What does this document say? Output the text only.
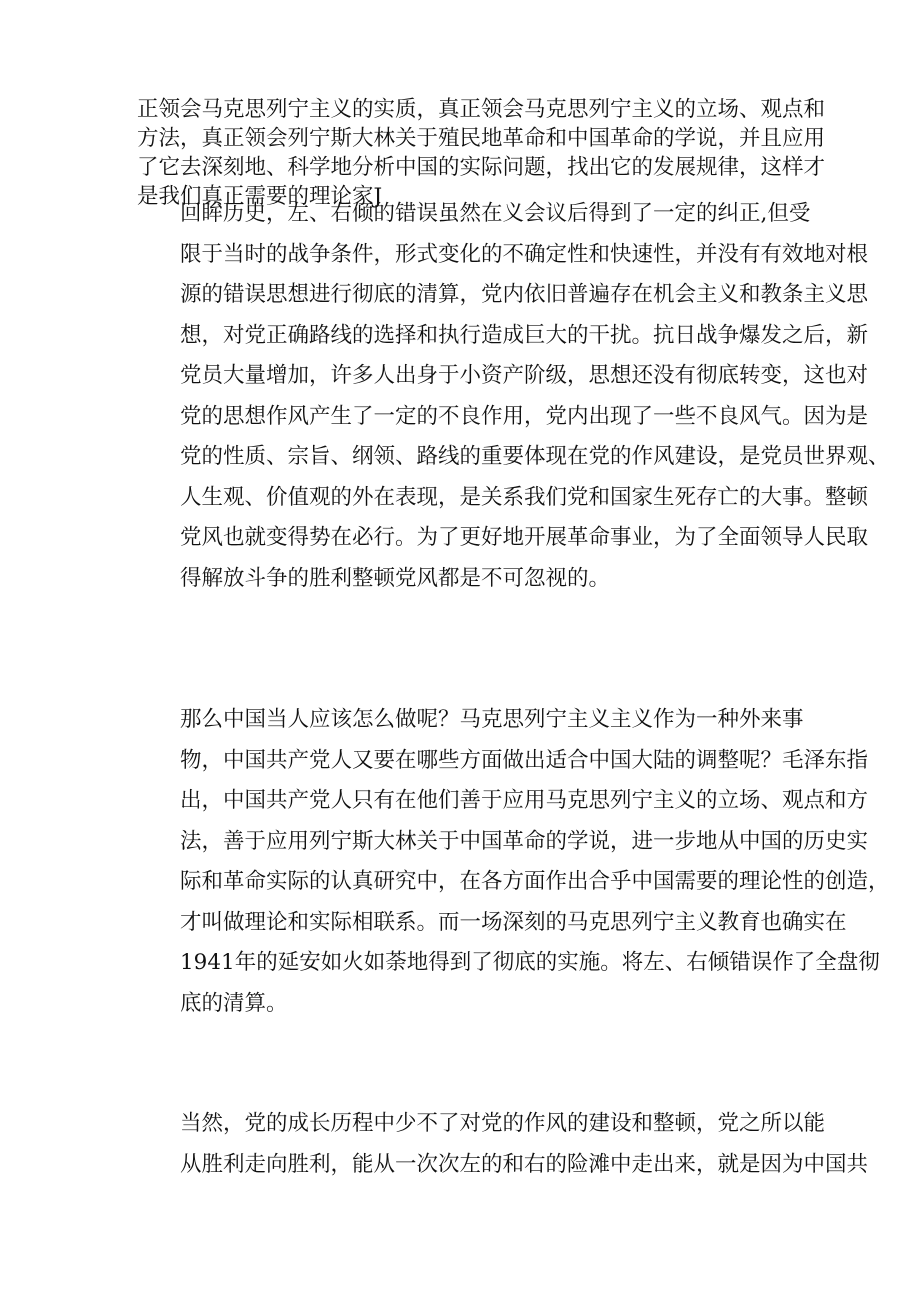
正领会马克思列宁主义的实质，真正领会马克思列宁主义的立场、观点和
方法，真正领会列宁斯大林关于殖民地革命和中国革命的学说，并且应用
了它去深刻地、科学地分析中国的实际问题，找出它的发展规律，这样才
是我们真正需要的理论家J
回眸历史，左、右倾的错误虽然在义会议后得到了一定的纠正,但受
限于当时的战争条件，形式变化的不确定性和快速性，并没有有效地对根
源的错误思想进行彻底的清算，党内依旧普遍存在机会主义和教条主义思
想，对党正确路线的选择和执行造成巨大的干扰。抗日战争爆发之后，新
党员大量增加，许多人出身于小资产阶级，思想还没有彻底转变，这也对
党的思想作风产生了一定的不良作用，党内出现了一些不良风气。因为是
党的性质、宗旨、纲领、路线的重要体现在党的作风建设，是党员世界观、
人生观、价值观的外在表现，是关系我们党和国家生死存亡的大事。整顿
党风也就变得势在必行。为了更好地开展革命事业，为了全面领导人民取
得解放斗争的胜利整顿党风都是不可忽视的。
那么中国当人应该怎么做呢？马克思列宁主义主义作为一种外来事
物，中国共产党人又要在哪些方面做出适合中国大陆的调整呢？毛泽东指
出，中国共产党人只有在他们善于应用马克思列宁主义的立场、观点和方
法，善于应用列宁斯大林关于中国革命的学说，进一步地从中国的历史实
际和革命实际的认真研究中，在各方面作出合乎中国需要的理论性的创造，
才叫做理论和实际相联系。而一场深刻的马克思列宁主义教育也确实在
1941年的延安如火如荼地得到了彻底的实施。将左、右倾错误作了全盘彻
底的清算。
当然，党的成长历程中少不了对党的作风的建设和整顿，党之所以能
从胜利走向胜利，能从一次次左的和右的险滩中走出来，就是因为中国共
